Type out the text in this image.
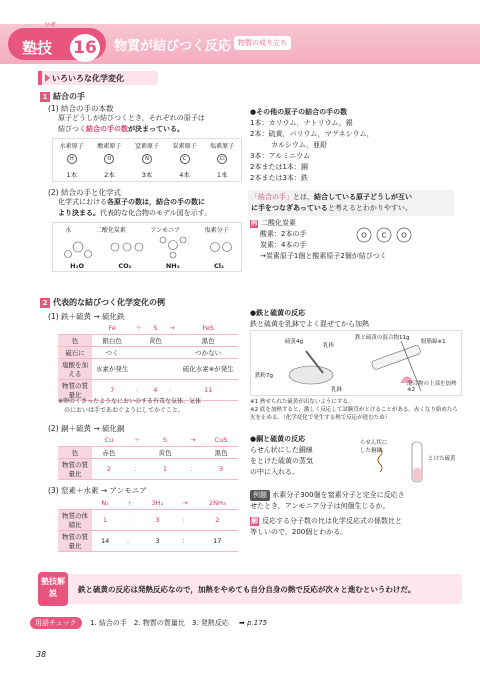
ワザ
塾技 16 物質が結びつく反応 物質の成り立ち
いろいろな化学変化
1 結合の手
(1) 結合の手の本数
原子どうしが結びつくとき，それぞれの原子は
結びつく結合の手の数が決まっている。
水素原子 酸素原子 窒素原子 炭素原子 塩素原子
H	O	N	C	Cl
1本	2本	3本	4本	1本
(2) 結合の手と化学式
化学式における各原子の数は，結合の手の数に
より決まる。代表的な化合物のモデル図を示す。
水	二酸化炭素	アンモニア	塩素分子
H₂O	CO₂	NH₃	Cl₂
●その他の原子の結合の手の数
1本：カリウム，ナトリウム，銀
2本：硫黄，バリウム，マグネシウム，
　　　カルシウム，亜鉛
3本：アルミニウム
2本または1本：銅
2本または3本：鉄
「結合の手」とは，結合している原子どうしが互い
に手をつなぎあっていると考えるとわかりやすい。
例 二酸化炭素
酸素：2本の手
炭素：4本の手
→炭素原子1個と酸素原子2個が結びつく
O C O
2 代表的な結びつく化学変化の例
(1) 鉄＋硫黄 → 硫化鉄
	Fe	＋	S	→	FeS
色	銀白色		黄色		黒色
磁石に	つく				つかない
塩酸を加える	水素が発生				硫化水素※が発生
物質の質量比	7	：	4	：	11
※卵のくさったようなにおいのする有毒な気体。気体
　のにおいは手であおぐようにしてかぐこと。
(2) 銅＋硫黄 → 硫化銅
	Cu	＋	S	→	CuS
色	赤色		黄色		黒色
物質の質量比	2	：	1	：	3
(3) 窒素＋水素 → アンモニア
	N₂	＋	3H₂	→	2NH₃
物質の体積比	1	：	3	：	2
物質の質量比	14	：	3	：	17
●鉄と硫黄の反応
鉄と硫黄を乳鉢でよく混ぜてから加熱
鉄と硫黄の混合物11g
脱脂綿※1
硫黄4g
乳棒
鉄粉7g
乳鉢
混合物の上部を加熱※2
※1 熱せられた硫黄が出ないようにする。
※2 底を加熱すると，激しく反応して試験管がとけることがある。赤くなり始めたら火を止める。（化学変化で発生する熱で反応が進むため）
●銅と硫黄の反応
らせん状にした銅線
をとけた硫黄の蒸気
の中に入れる。
らせん状にした銅線
とけた硫黄
例題 水素分子300個を窒素分子と完全に反応さ
せたとき，アンモニア分子は何個生じるか。
解 反応する分子数の比は化学反応式の係数比と
等しいので，200個とわかる。
塾技解説	鉄と硫黄の反応は発熱反応なので，加熱をやめても自分自身の熱で反応が次々と進むというわけだ。
用語チェック 1. 結合の手　2. 物質の質量比　3. 発熱反応 ➡ p.175
38
